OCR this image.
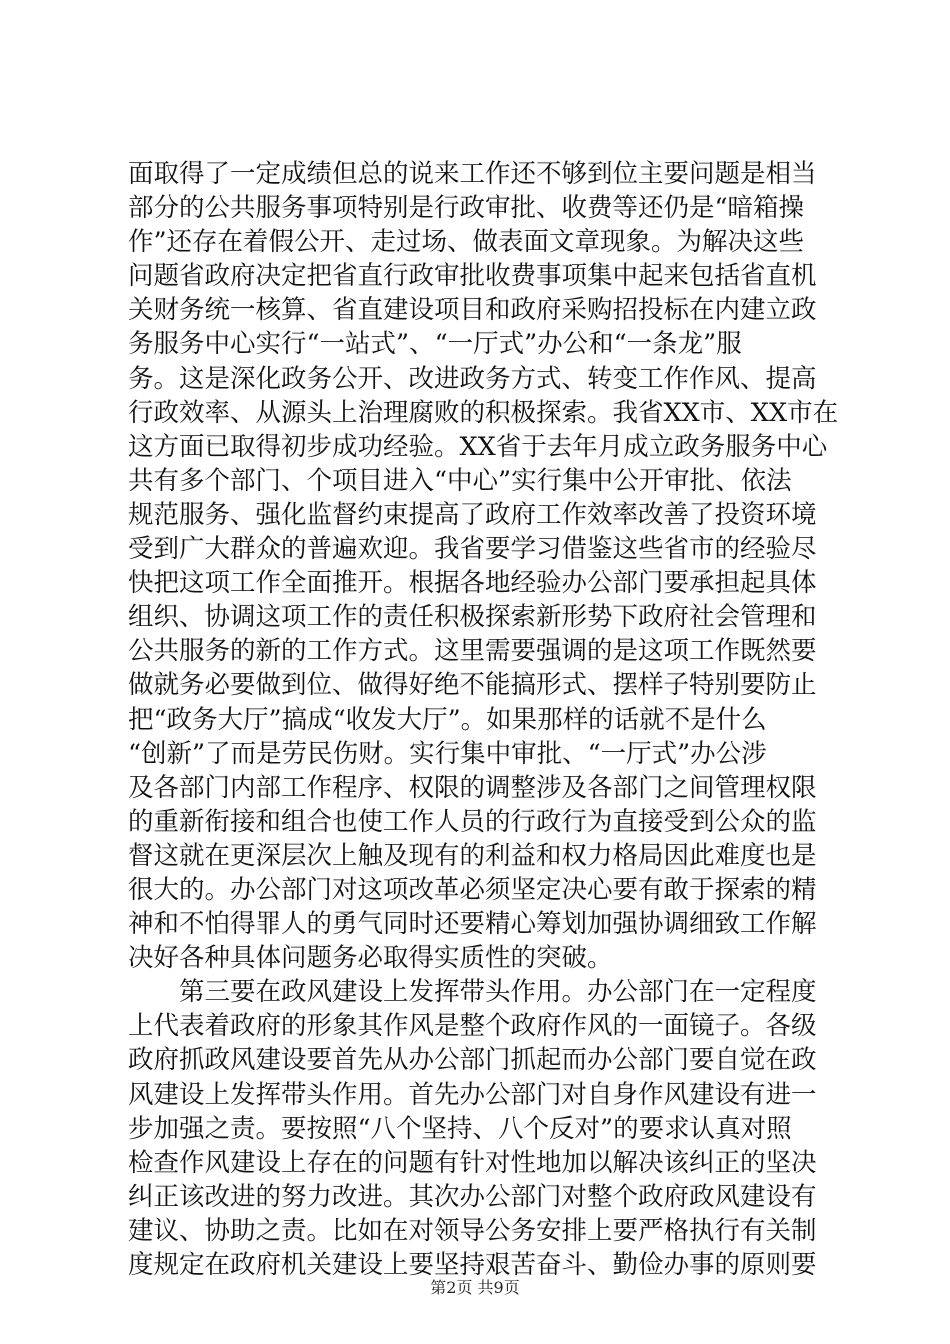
面取得了一定成绩但总的说来工作还不够到位主要问题是相当
部分的公共服务事项特别是行政审批、收费等还仍是“暗箱操
作”还存在着假公开、走过场、做表面文章现象。为解决这些
问题省政府决定把省直行政审批收费事项集中起来包括省直机
关财务统一核算、省直建设项目和政府采购招投标在内建立政
务服务中心实行“一站式”、“一厅式”办公和“一条龙”服
务。这是深化政务公开、改进政务方式、转变工作作风、提高
行政效率、从源头上治理腐败的积极探索。我省XX市、XX市在
这方面已取得初步成功经验。XX省于去年月成立政务服务中心
共有多个部门、个项目进入“中心”实行集中公开审批、依法
规范服务、强化监督约束提高了政府工作效率改善了投资环境
受到广大群众的普遍欢迎。我省要学习借鉴这些省市的经验尽
快把这项工作全面推开。根据各地经验办公部门要承担起具体
组织、协调这项工作的责任积极探索新形势下政府社会管理和
公共服务的新的工作方式。这里需要强调的是这项工作既然要
做就务必要做到位、做得好绝不能搞形式、摆样子特别要防止
把“政务大厅”搞成“收发大厅”。如果那样的话就不是什么
“创新”了而是劳民伤财。实行集中审批、“一厅式”办公涉
及各部门内部工作程序、权限的调整涉及各部门之间管理权限
的重新衔接和组合也使工作人员的行政行为直接受到公众的监
督这就在更深层次上触及现有的利益和权力格局因此难度也是
很大的。办公部门对这项改革必须坚定决心要有敢于探索的精
神和不怕得罪人的勇气同时还要精心筹划加强协调细致工作解
决好各种具体问题务必取得实质性的突破。
　　第三要在政风建设上发挥带头作用。办公部门在一定程度
上代表着政府的形象其作风是整个政府作风的一面镜子。各级
政府抓政风建设要首先从办公部门抓起而办公部门要自觉在政
风建设上发挥带头作用。首先办公部门对自身作风建设有进一
步加强之责。要按照“八个坚持、八个反对”的要求认真对照
检查作风建设上存在的问题有针对性地加以解决该纠正的坚决
纠正该改进的努力改进。其次办公部门对整个政府政风建设有
建议、协助之责。比如在对领导公务安排上要严格执行有关制
度规定在政府机关建设上要坚持艰苦奋斗、勤俭办事的原则要
第2页 共9页
